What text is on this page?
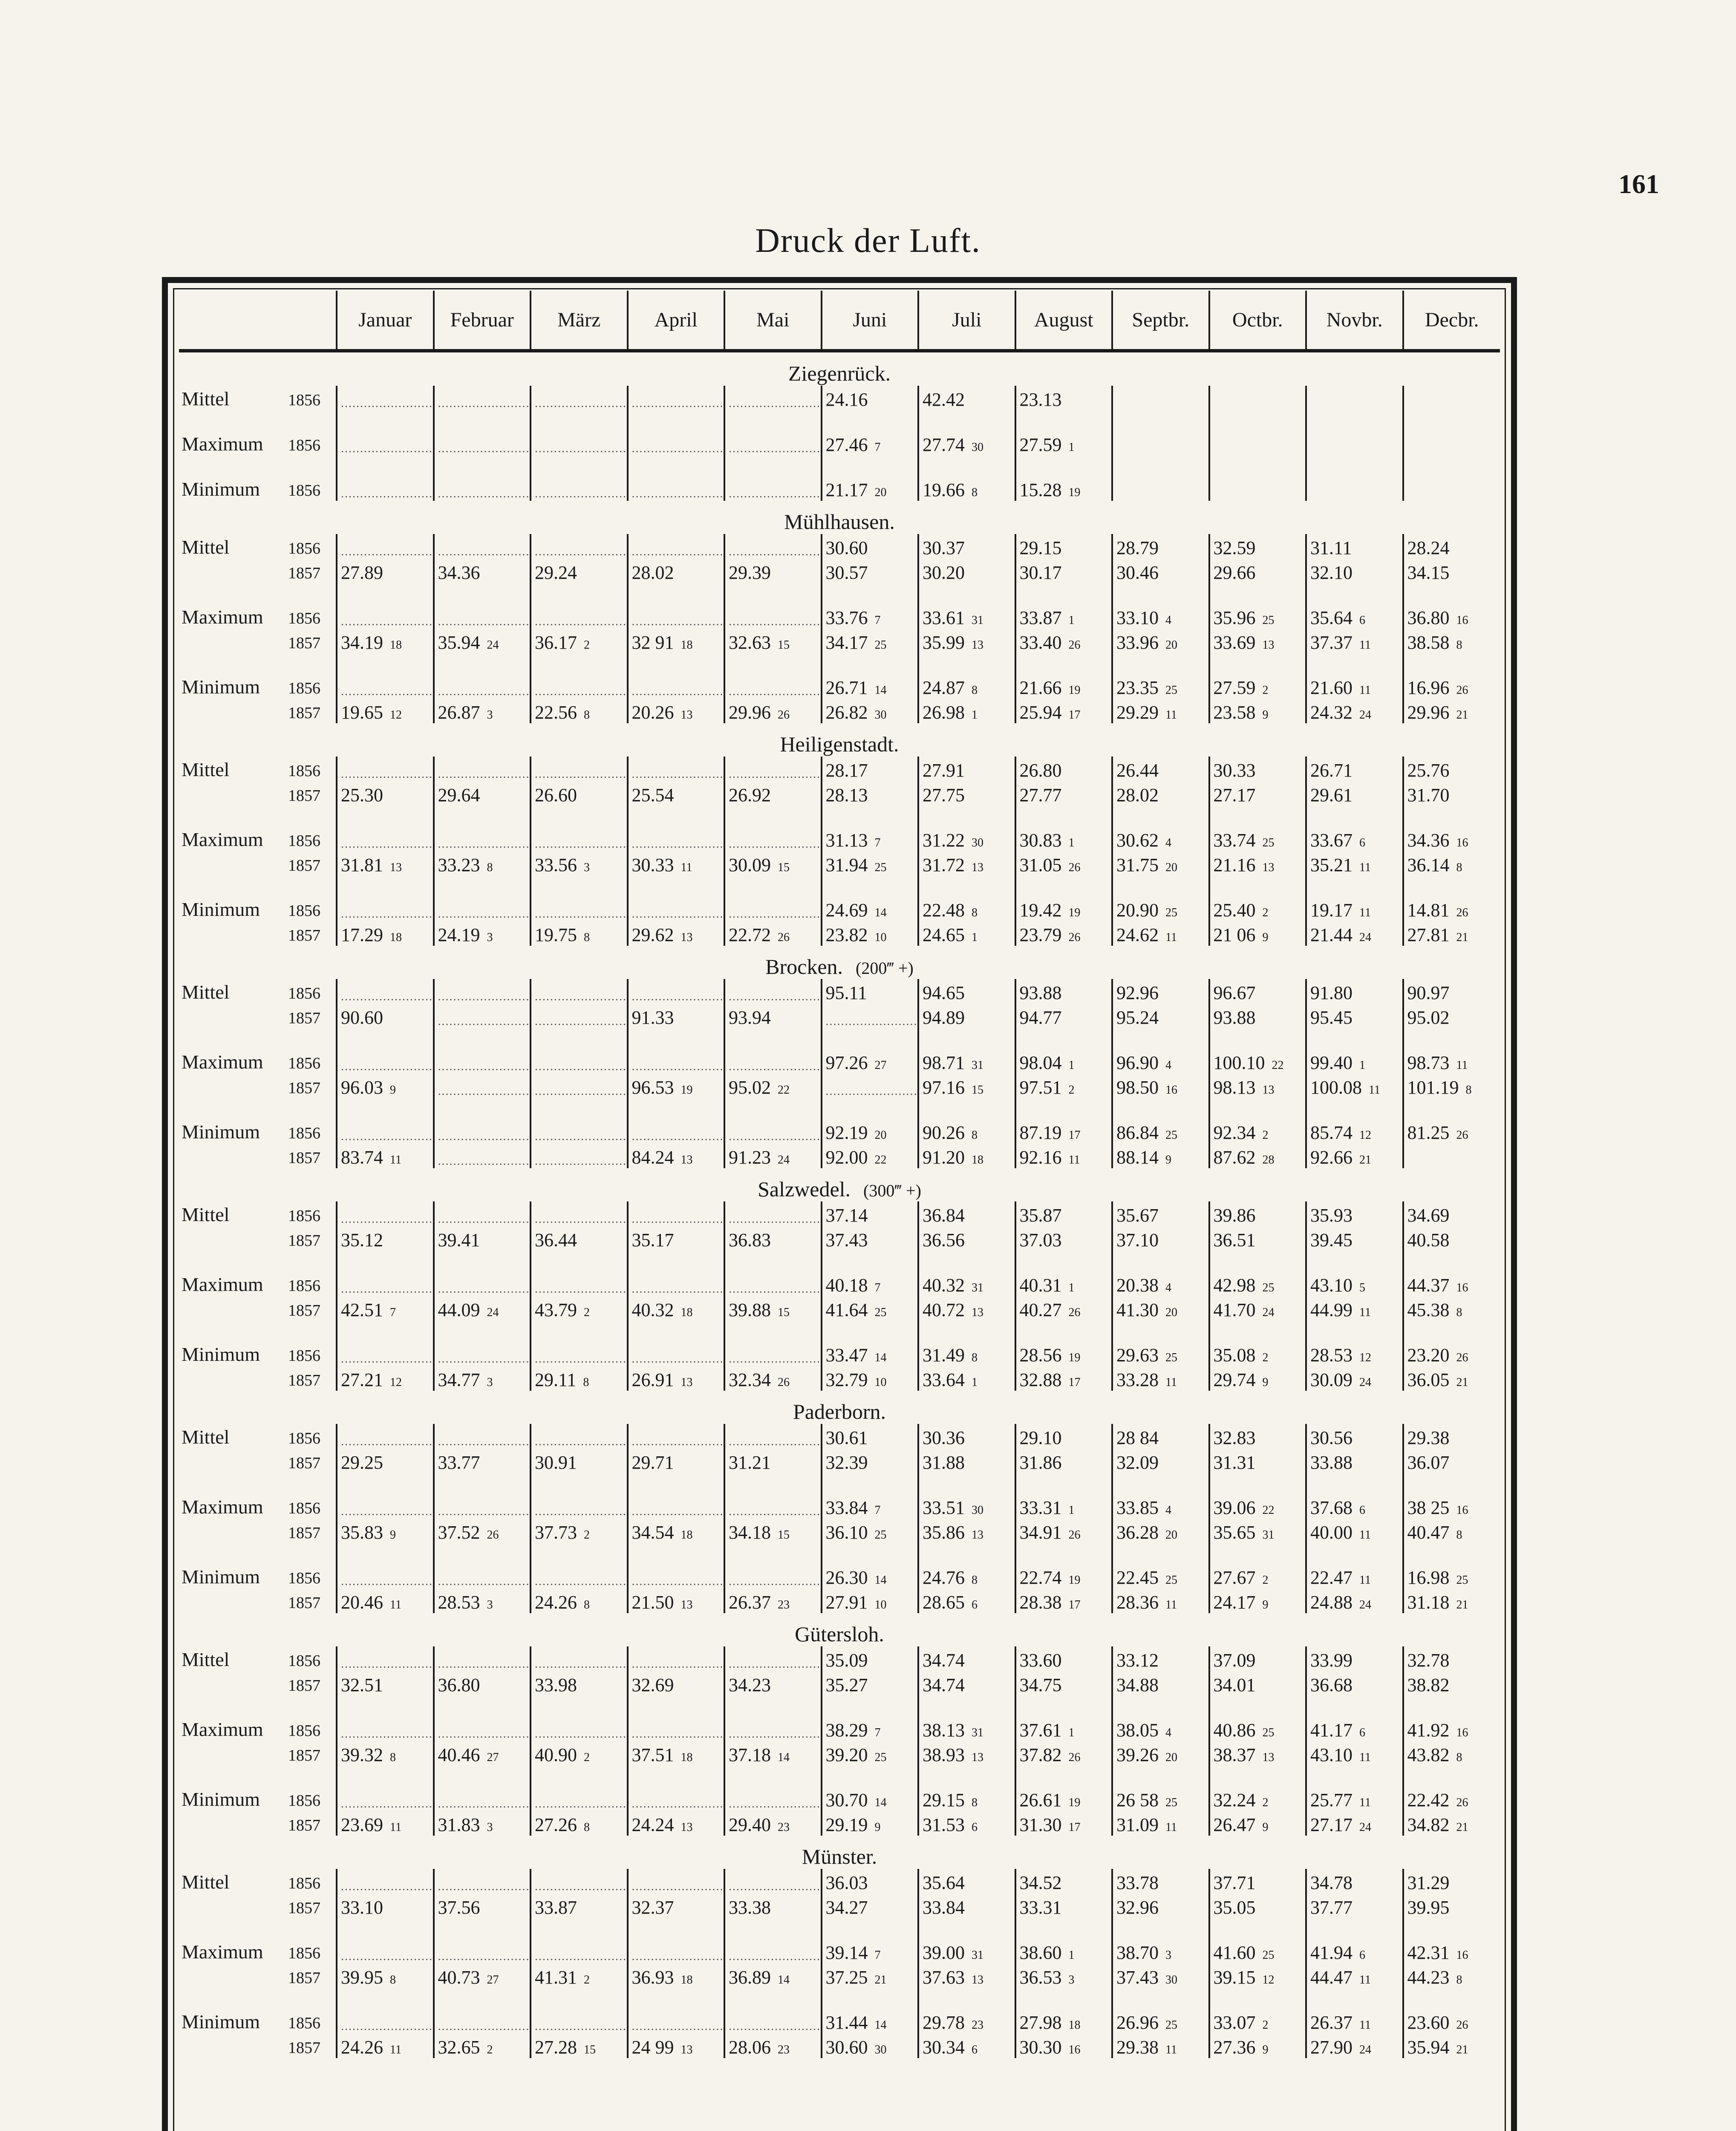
161
Druck der Luft.
	Januar	Februar	März	April	Mai	Juni	Juli	August	Septbr.	Octbr.	Novbr.	Decbr.
Ziegenrück.												
Mittel 1856	........................	........................	........................	........................	........................	24.16	42.42	23.13				
Maximum 1856	........................	........................	........................	........................	........................	27.46 7	27.74 30	27.59 1				
Minimum 1856	........................	........................	........................	........................	........................	21.17 20	19.66 8	15.28 19				
Mühlhausen.												
Mittel 1856	........................	........................	........................	........................	........................	30.60	30.37	29.15	28.79	32.59	31.11	28.24
1857	27.89	34.36	29.24	28.02	29.39	30.57	30.20	30.17	30.46	29.66	32.10	34.15
Maximum 1856	........................	........................	........................	........................	........................	33.76 7	33.61 31	33.87 1	33.10 4	35.96 25	35.64 6	36.80 16
1857	34.19 18	35.94 24	36.17 2	32 91 18	32.63 15	34.17 25	35.99 13	33.40 26	33.96 20	33.69 13	37.37 11	38.58 8
Minimum 1856	........................	........................	........................	........................	........................	26.71 14	24.87 8	21.66 19	23.35 25	27.59 2	21.60 11	16.96 26
1857	19.65 12	26.87 3	22.56 8	20.26 13	29.96 26	26.82 30	26.98 1	25.94 17	29.29 11	23.58 9	24.32 24	29.96 21
Heiligenstadt.												
Mittel 1856	........................	........................	........................	........................	........................	28.17	27.91	26.80	26.44	30.33	26.71	25.76
1857	25.30	29.64	26.60	25.54	26.92	28.13	27.75	27.77	28.02	27.17	29.61	31.70
Maximum 1856	........................	........................	........................	........................	........................	31.13 7	31.22 30	30.83 1	30.62 4	33.74 25	33.67 6	34.36 16
1857	31.81 13	33.23 8	33.56 3	30.33 11	30.09 15	31.94 25	31.72 13	31.05 26	31.75 20	21.16 13	35.21 11	36.14 8
Minimum 1856	........................	........................	........................	........................	........................	24.69 14	22.48 8	19.42 19	20.90 25	25.40 2	19.17 11	14.81 26
1857	17.29 18	24.19 3	19.75 8	29.62 13	22.72 26	23.82 10	24.65 1	23.79 26	24.62 11	21 06 9	21.44 24	27.81 21
Brocken. (200‴ +)												
Mittel 1856	........................	........................	........................	........................	........................	95.11	94.65	93.88	92.96	96.67	91.80	90.97
1857	90.60	........................	........................	91.33	93.94	........................	94.89	94.77	95.24	93.88	95.45	95.02
Maximum 1856	........................	........................	........................	........................	........................	97.26 27	98.71 31	98.04 1	96.90 4	100.10 22	99.40 1	98.73 11
1857	96.03 9	........................	........................	96.53 19	95.02 22	........................	97.16 15	97.51 2	98.50 16	98.13 13	100.08 11	101.19 8
Minimum 1856	........................	........................	........................	........................	........................	92.19 20	90.26 8	87.19 17	86.84 25	92.34 2	85.74 12	81.25 26
1857	83.74 11	........................	........................	84.24 13	91.23 24	92.00 22	91.20 18	92.16 11	88.14 9	87.62 28	92.66 21	
Salzwedel. (300‴ +)												
Mittel 1856	........................	........................	........................	........................	........................	37.14	36.84	35.87	35.67	39.86	35.93	34.69
1857	35.12	39.41	36.44	35.17	36.83	37.43	36.56	37.03	37.10	36.51	39.45	40.58
Maximum 1856	........................	........................	........................	........................	........................	40.18 7	40.32 31	40.31 1	20.38 4	42.98 25	43.10 5	44.37 16
1857	42.51 7	44.09 24	43.79 2	40.32 18	39.88 15	41.64 25	40.72 13	40.27 26	41.30 20	41.70 24	44.99 11	45.38 8
Minimum 1856	........................	........................	........................	........................	........................	33.47 14	31.49 8	28.56 19	29.63 25	35.08 2	28.53 12	23.20 26
1857	27.21 12	34.77 3	29.11 8	26.91 13	32.34 26	32.79 10	33.64 1	32.88 17	33.28 11	29.74 9	30.09 24	36.05 21
Paderborn.												
Mittel 1856	........................	........................	........................	........................	........................	30.61	30.36	29.10	28 84	32.83	30.56	29.38
1857	29.25	33.77	30.91	29.71	31.21	32.39	31.88	31.86	32.09	31.31	33.88	36.07
Maximum 1856	........................	........................	........................	........................	........................	33.84 7	33.51 30	33.31 1	33.85 4	39.06 22	37.68 6	38 25 16
1857	35.83 9	37.52 26	37.73 2	34.54 18	34.18 15	36.10 25	35.86 13	34.91 26	36.28 20	35.65 31	40.00 11	40.47 8
Minimum 1856	........................	........................	........................	........................	........................	26.30 14	24.76 8	22.74 19	22.45 25	27.67 2	22.47 11	16.98 25
1857	20.46 11	28.53 3	24.26 8	21.50 13	26.37 23	27.91 10	28.65 6	28.38 17	28.36 11	24.17 9	24.88 24	31.18 21
Gütersloh.												
Mittel 1856	........................	........................	........................	........................	........................	35.09	34.74	33.60	33.12	37.09	33.99	32.78
1857	32.51	36.80	33.98	32.69	34.23	35.27	34.74	34.75	34.88	34.01	36.68	38.82
Maximum 1856	........................	........................	........................	........................	........................	38.29 7	38.13 31	37.61 1	38.05 4	40.86 25	41.17 6	41.92 16
1857	39.32 8	40.46 27	40.90 2	37.51 18	37.18 14	39.20 25	38.93 13	37.82 26	39.26 20	38.37 13	43.10 11	43.82 8
Minimum 1856	........................	........................	........................	........................	........................	30.70 14	29.15 8	26.61 19	26 58 25	32.24 2	25.77 11	22.42 26
1857	23.69 11	31.83 3	27.26 8	24.24 13	29.40 23	29.19 9	31.53 6	31.30 17	31.09 11	26.47 9	27.17 24	34.82 21
Münster.												
Mittel 1856	........................	........................	........................	........................	........................	36.03	35.64	34.52	33.78	37.71	34.78	31.29
1857	33.10	37.56	33.87	32.37	33.38	34.27	33.84	33.31	32.96	35.05	37.77	39.95
Maximum 1856	........................	........................	........................	........................	........................	39.14 7	39.00 31	38.60 1	38.70 3	41.60 25	41.94 6	42.31 16
1857	39.95 8	40.73 27	41.31 2	36.93 18	36.89 14	37.25 21	37.63 13	36.53 3	37.43 30	39.15 12	44.47 11	44.23 8
Minimum 1856	........................	........................	........................	........................	........................	31.44 14	29.78 23	27.98 18	26.96 25	33.07 2	26.37 11	23.60 26
1857	24.26 11	32.65 2	27.28 15	24 99 13	28.06 23	30.60 30	30.34 6	30.30 16	29.38 11	27.36 9	27.90 24	35.94 21
